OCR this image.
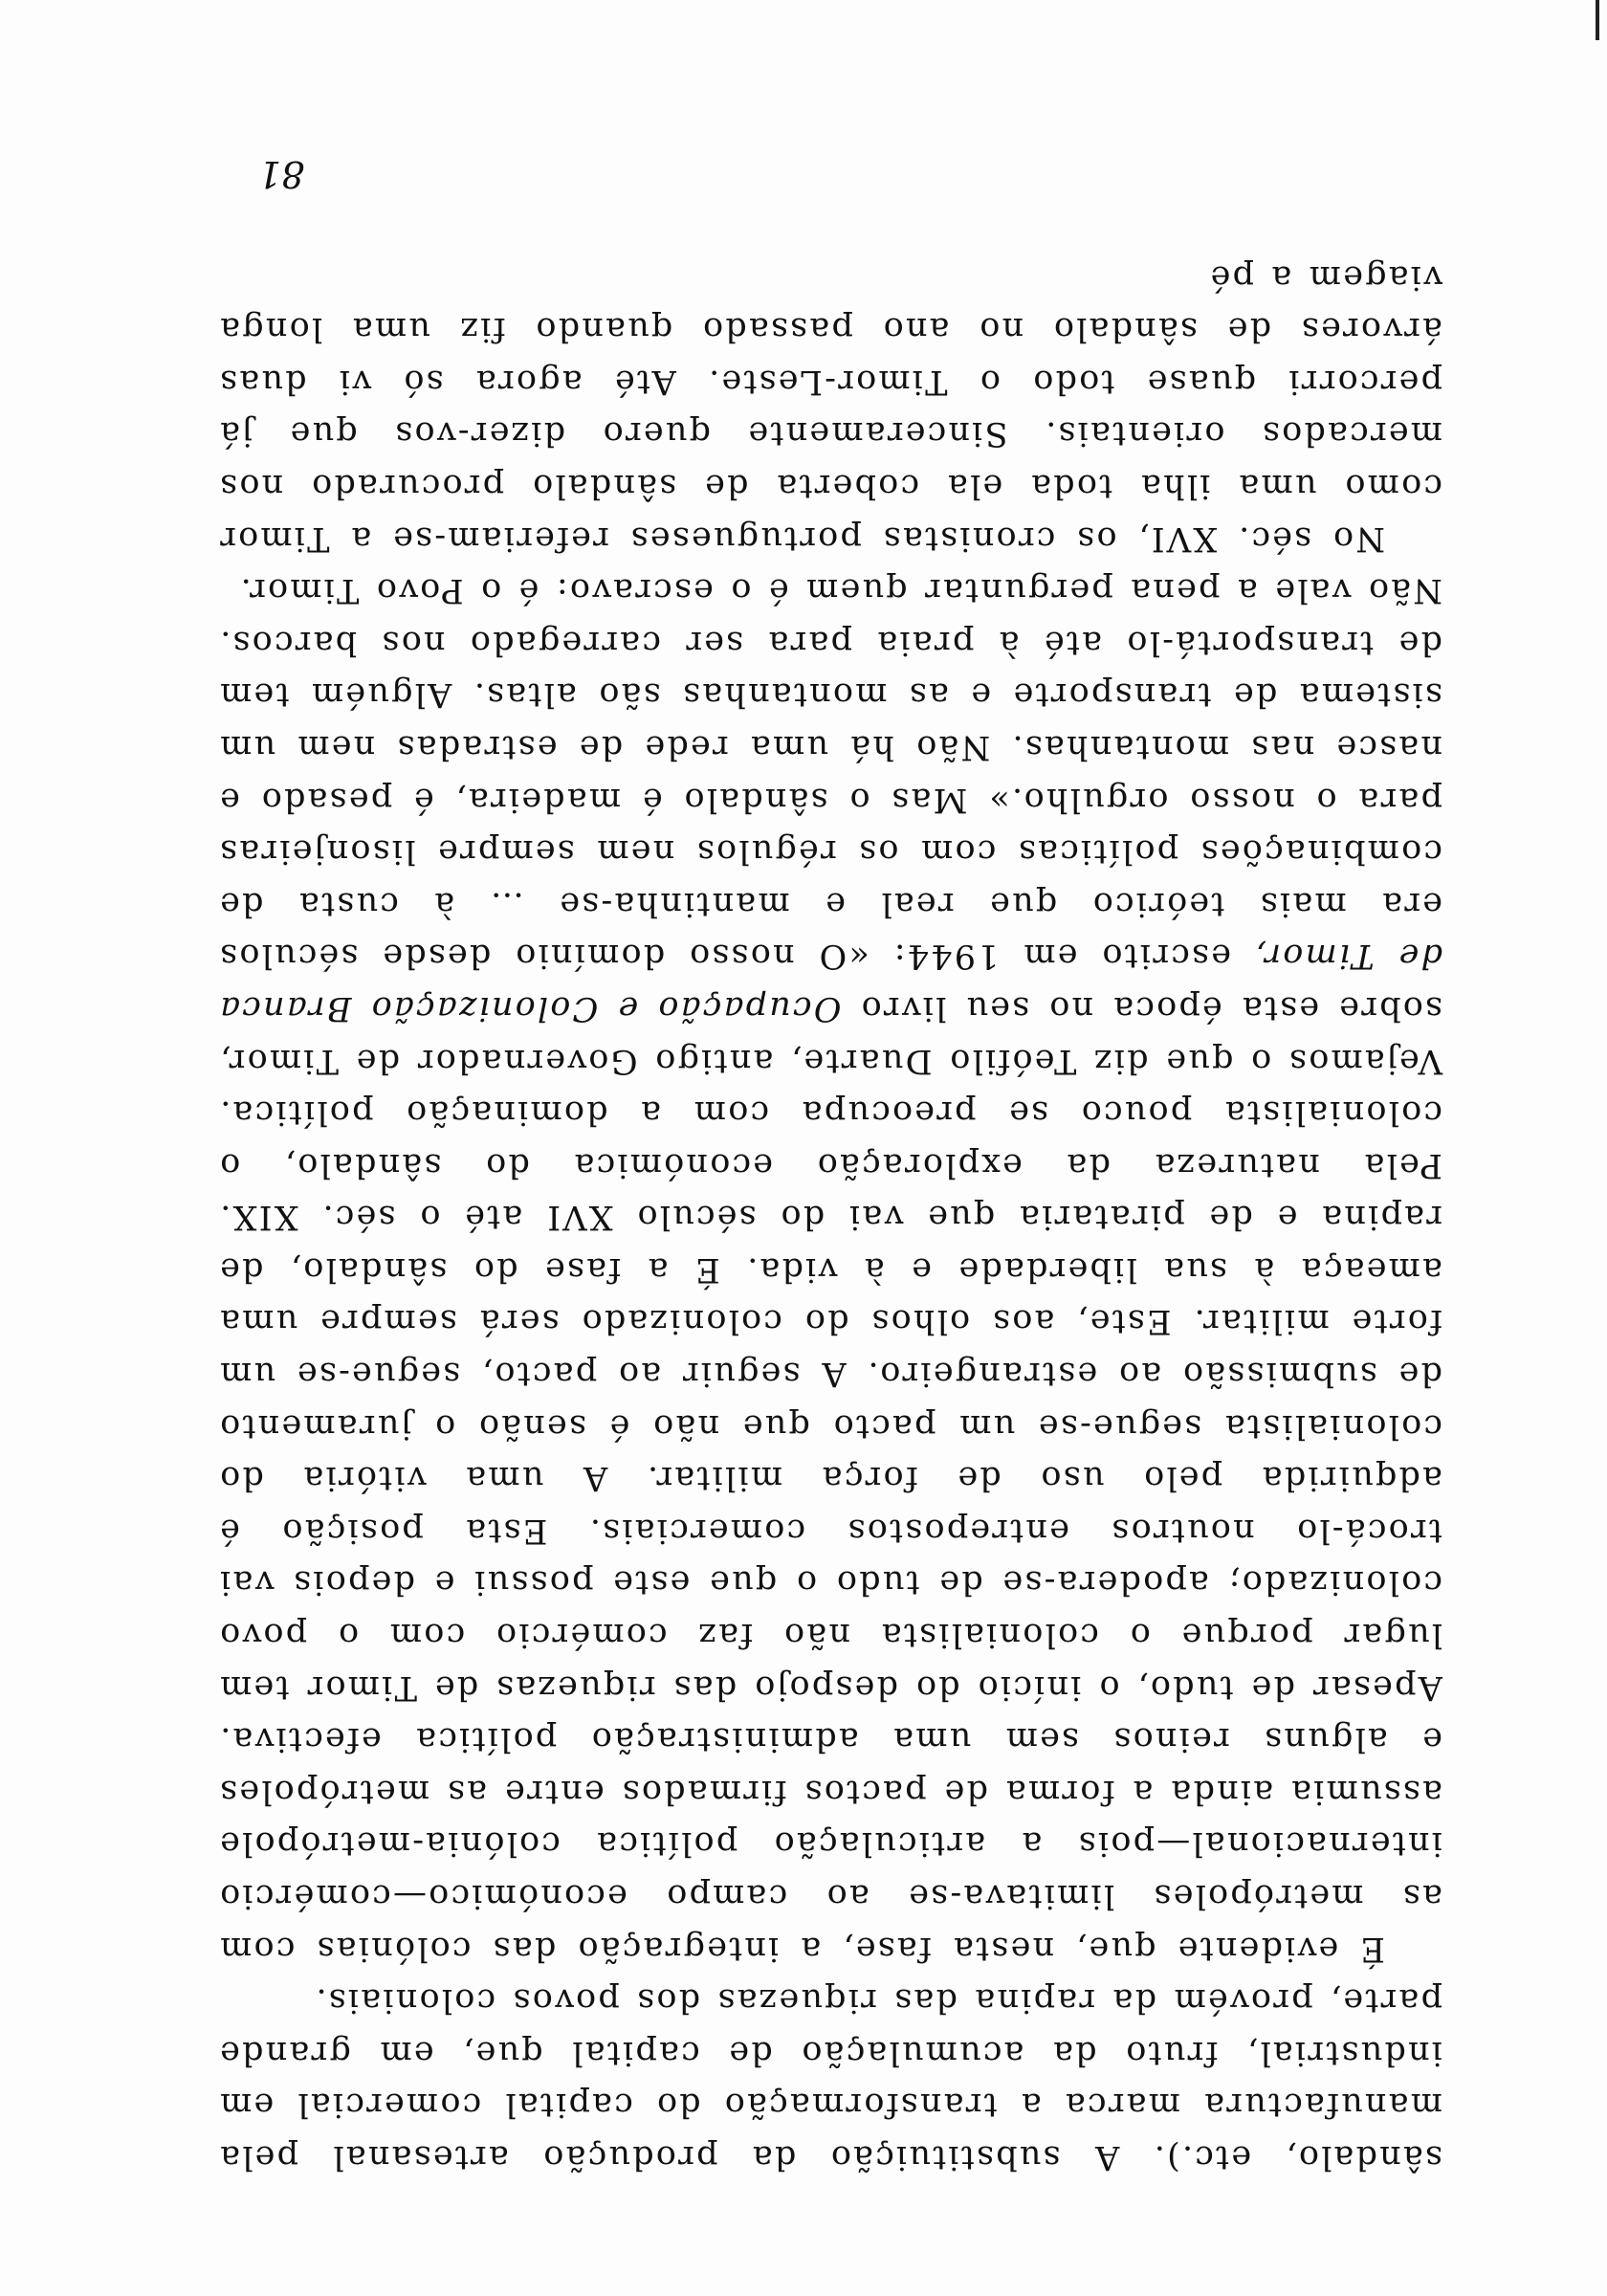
sândalo, etc.). A substituição da produção artesanal pela manufactura marca a transformação do capital comercial em industrial, fruto da acumulação de capital que, em grande parte, provém da rapina das riquezas dos povos coloniais.

É evidente que, nesta fase, a integração das colónias com as metrópoles limitava-se ao campo económico—comércio internacional—pois a articulação política colónia-metrópole assumia ainda a forma de pactos firmados entre as metrópoles e alguns reinos sem uma administração política efectiva. Apesar de tudo, o início do despojo das riquezas de Timor tem lugar porque o colonialista não faz comércio com o povo colonizado; apodera-se de tudo o que este possui e depois vai trocá-lo noutros entrepostos comerciais. Esta posição é adquirida pelo uso de força militar. A uma vitória do colonialista segue-se um pacto que não é senão o juramento de submissão ao estrangeiro. A seguir ao pacto, segue-se um forte militar. Este, aos olhos do colonizado será sempre uma ameaça à sua liberdade e à vida. É a fase do sândalo, de rapina e de pirataria que vai do século XVI até o séc. XIX. Pela natureza da exploração económica do sândalo, o colonialista pouco se preocupa com a dominação política. Vejamos o que diz Teófilo Duarte, antigo Governador de Timor, sobre esta época no seu livro Ocupação e Colonização Branca de Timor, escrito em 1944: «O nosso domínio desde séculos era mais teórico que real e mantinha-se … à custa de combinações políticas com os régulos nem sempre lisonjeiras para o nosso orgulho.» Mas o sândalo é madeira, é pesado e nasce nas montanhas. Não há uma rede de estradas nem um sistema de transporte e as montanhas são altas. Alguém tem de transportá-lo até à praia para ser carregado nos barcos. Não vale a pena perguntar quem é o escravo: é o Povo Timor.

No séc. XVI, os cronistas portugueses referiam-se a Timor como uma ilha toda ela coberta de sândalo procurado nos mercados orientais. Sinceramente quero dizer-vos que já percorri quase todo o Timor-Leste. Até agora só vi duas árvores de sândalo no ano passado quando fiz uma longa viagem a pé

81
